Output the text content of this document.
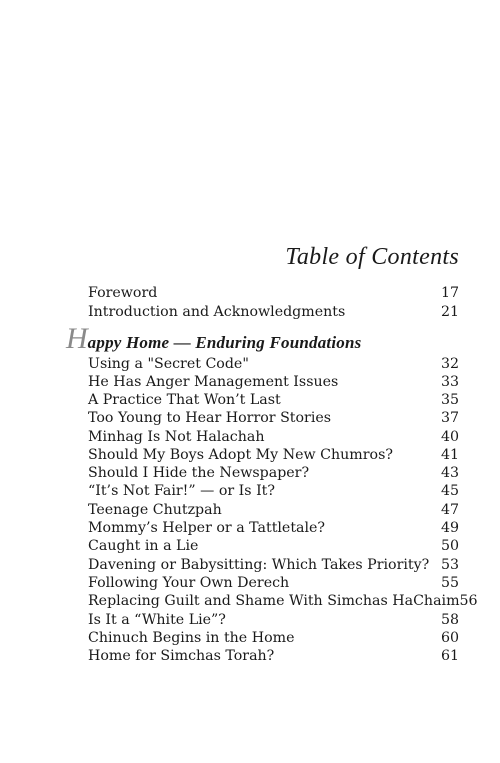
Table of Contents
Foreword	17
Introduction and Acknowledgments	21
Happy Home — Enduring Foundations
Using a "Secret Code"	32
He Has Anger Management Issues	33
A Practice That Won’t Last	35
Too Young to Hear Horror Stories	37
Minhag Is Not Halachah	40
Should My Boys Adopt My New Chumros?	41
Should I Hide the Newspaper?	43
“It’s Not Fair!” — or Is It?	45
Teenage Chutzpah	47
Mommy’s Helper or a Tattletale?	49
Caught in a Lie	50
Davening or Babysitting: Which Takes Priority? 53
Following Your Own Derech	55
Replacing Guilt and Shame With Simchas HaChaim 56
Is It a “White Lie”?	58
Chinuch Begins in the Home	60
Home for Simchas Torah?	61
